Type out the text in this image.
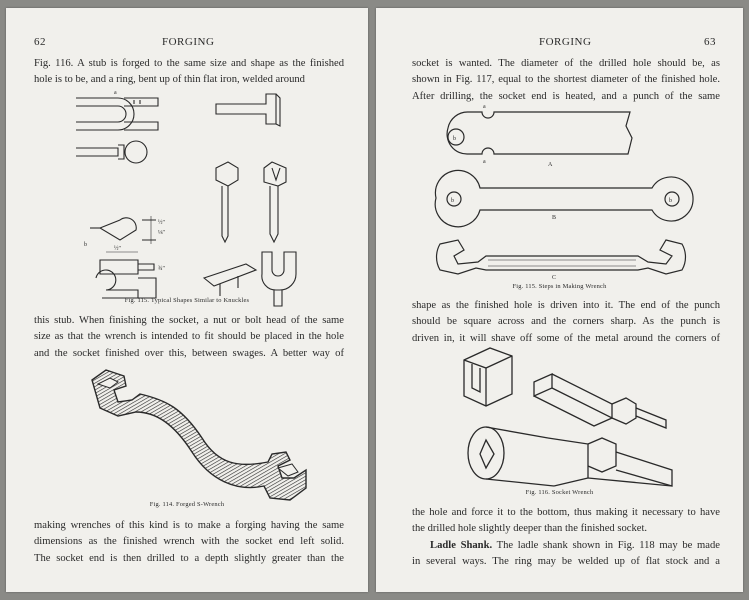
62	FORGING

Fig. 116. A stub is forged to the same size and shape as the finished
hole is to be, and a ring, bent up of thin flat iron, welded around

a
b
½″
⅛″
¾″
½″
Fig. 115. Typical Shapes Similar to Knuckles

this stub. When finishing the socket, a nut or bolt head of the same
size as that the wrench is intended to fit should be placed in the hole
and the socket finished over this, between swages. A better way of

Fig. 114. Forged S-Wrench

making wrenches of this kind is to make a forging having the same
dimensions as the finished wrench with the socket end left solid.
The socket end is then drilled to a depth slightly greater than the

FORGING	63

socket is wanted. The diameter of the drilled hole should be, as
shown in Fig. 117, equal to the shortest diameter of the finished hole.
After drilling, the socket end is heated, and a punch of the same

a
a
b
b	b
A
B
C
Fig. 115. Steps in Making Wrench

shape as the finished hole is driven into it. The end of the punch
should be square across and the corners sharp. As the punch is
driven in, it will shave off some of the metal around the corners of

Fig. 116. Socket Wrench

the hole and force it to the bottom, thus making it necessary to have
the drilled hole slightly deeper than the finished socket.
Ladle Shank. The ladle shank shown in Fig. 118 may be made
in several ways. The ring may be welded up of flat stock and a
